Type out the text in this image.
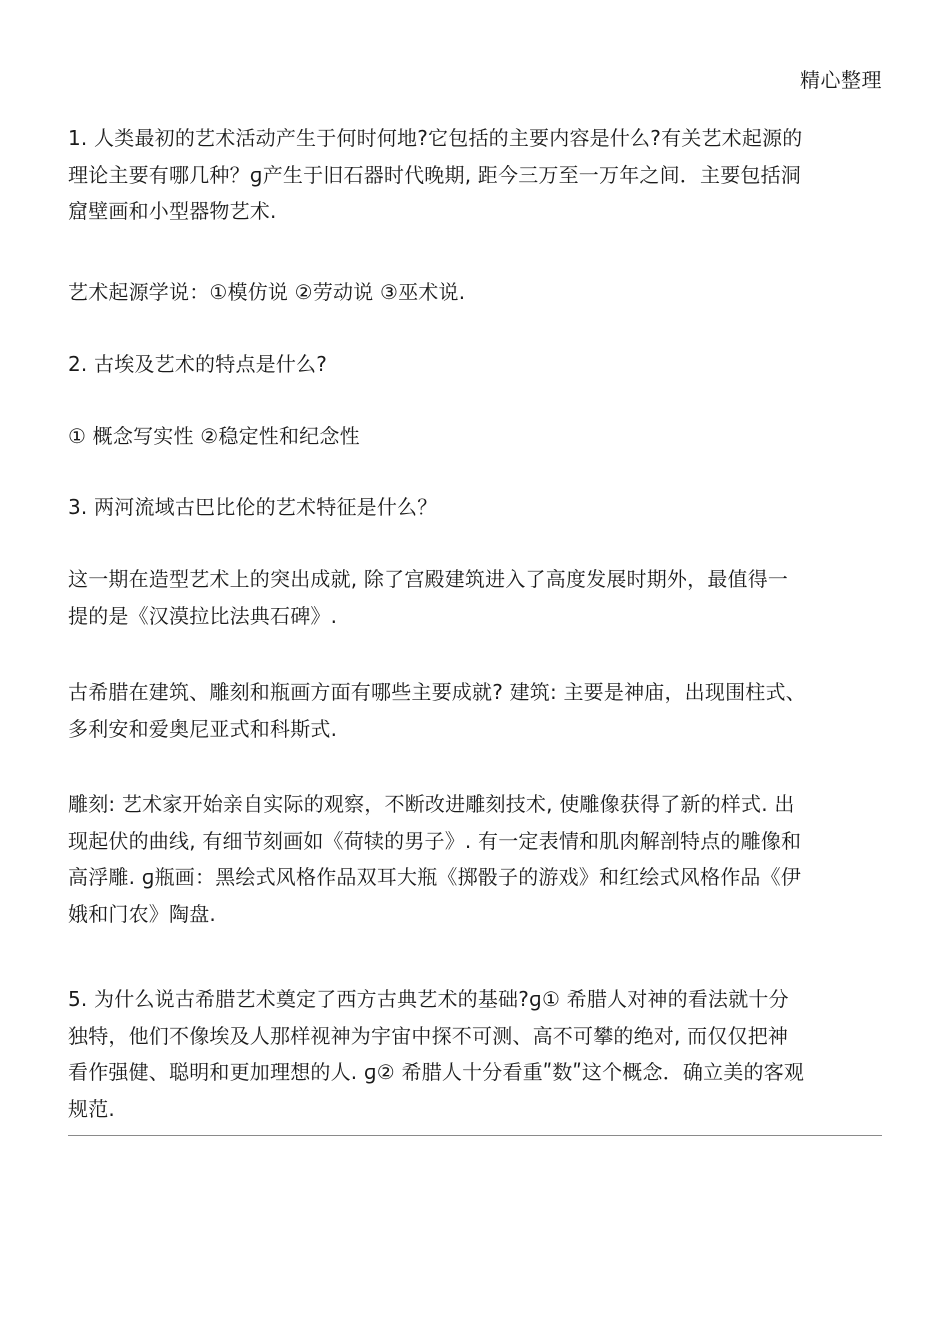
精心整理
1. 人类最初的艺术活动产生于何时何地?它包括的主要内容是什么?有关艺术起源的
理论主要有哪几种？ɡ产生于旧石器时代晚期, 距今三万至一万年之间．主要包括洞
窟壁画和小型器物艺术.
艺术起源学说：①模仿说 ②劳动说 ③巫术说.
2. 古埃及艺术的特点是什么?
① 概念写实性 ②稳定性和纪念性
3. 两河流域古巴比伦的艺术特征是什么？
这一期在造型艺术上的突出成就, 除了宫殿建筑进入了高度发展时期外，最值得一
提的是《汉漠拉比法典石碑》.
古希腊在建筑、雕刻和瓶画方面有哪些主要成就? 建筑: 主要是神庙，出现围柱式、
多利安和爱奥尼亚式和科斯式.
雕刻: 艺术家开始亲自实际的观察，不断改进雕刻技术, 使雕像获得了新的样式. 出
现起伏的曲线, 有细节刻画如《荷犊的男子》. 有一定表情和肌肉解剖特点的雕像和
高浮雕. ɡ瓶画：黑绘式风格作品双耳大瓶《掷骰子的游戏》和红绘式风格作品《伊
娥和门农》陶盘.
5. 为什么说古希腊艺术奠定了西方古典艺术的基础?ɡ① 希腊人对神的看法就十分
独特，他们不像埃及人那样视神为宇宙中探不可测、高不可攀的绝对, 而仅仅把神
看作强健、聪明和更加理想的人. ɡ② 希腊人十分看重ʺ数ʺ这个概念．确立美的客观
规范.
